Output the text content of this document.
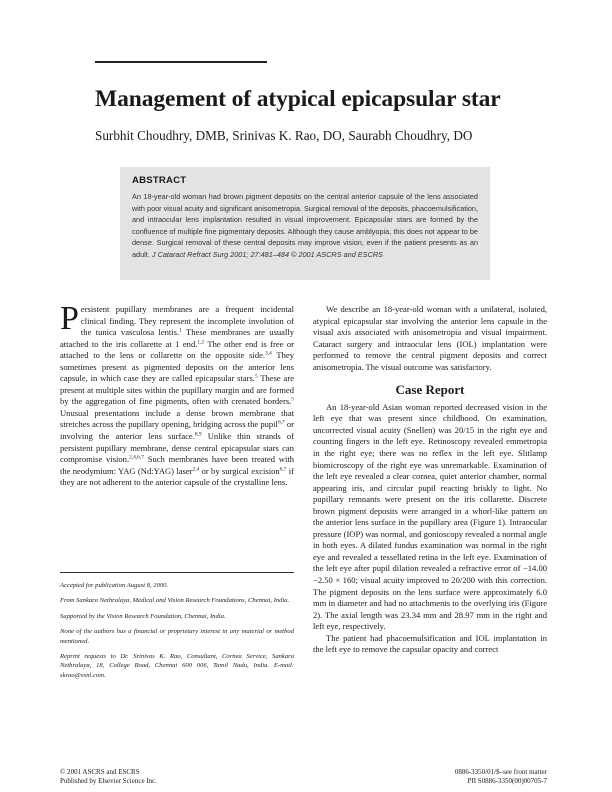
Management of atypical epicapsular star
Surbhit Choudhry, DMB, Srinivas K. Rao, DO, Saurabh Choudhry, DO
ABSTRACT
An 18-year-old woman had brown pigment deposits on the central anterior capsule of the lens associated with poor visual acuity and significant anisometropia. Surgical removal of the deposits, phacoemulsification, and intraocular lens implantation resulted in visual improvement. Epicapsular stars are formed by the confluence of multiple fine pigmentary deposits. Although they cause amblyopia, this does not appear to be dense. Surgical removal of these central deposits may improve vision, even if the patient presents as an adult. J Cataract Refract Surg 2001; 27:481–484 © 2001 ASCRS and ESCRS

Persistent pupillary membranes are a frequent incidental clinical finding. They represent the incomplete involution of the tunica vasculosa lentis.$^1$ These membranes are usually attached to the iris collarette at 1 end.$^{1,2}$ The other end is free or attached to the lens or collarette on the opposite side.$^{3,4}$ They sometimes present as pigmented deposits on the anterior lens capsule, in which case they are called epicapsular stars.$^5$ These are present at multiple sites within the pupillary margin and are formed by the aggregation of fine pigments, often with crenated borders.$^5$ Unusual presentations include a dense brown membrane that stretches across the pupillary opening, bridging across the pupil$^{6,7}$ or involving the anterior lens surface.$^{8,9}$ Unlike thin strands of persistent pupillary membrane, dense central epicapsular stars can compromise vision.$^{2,4,6,7}$ Such membranes have been treated with the neodymium: YAG (Nd:YAG) laser$^{2,4}$ or by surgical excision$^{6,7}$ if they are not adherent to the anterior capsule of the crystalline lens.

Accepted for publication August 8, 2000.

From Sankara Nethralaya, Medical and Vision Research Foundations, Chennai, India.

Supported by the Vision Research Foundation, Chennai, India.

None of the authors has a financial or proprietary interest in any material or method mentioned.

Reprint requests to Dr. Srinivas K. Rao, Consultant, Cornea Service, Sankara Nethralaya, 18, College Road, Chennai 600 006, Tamil Nadu, India. E-mail: skrao@vsnl.com.

We describe an 18-year-old woman with a unilateral, isolated, atypical epicapsular star involving the anterior lens capsule in the visual axis associated with anisometropia and visual impairment. Cataract surgery and intraocular lens (IOL) implantation were performed to remove the central pigment deposits and correct anisometropia. The visual outcome was satisfactory.

Case Report

An 18-year-old Asian woman reported decreased vision in the left eye that was present since childhood. On examination, uncorrected visual acuity (Snellen) was 20/15 in the right eye and counting fingers in the left eye. Retinoscopy revealed emmetropia in the right eye; there was no reflex in the left eye. Slitlamp biomicroscopy of the right eye was unremarkable. Examination of the left eye revealed a clear cornea, quiet anterior chamber, normal appearing iris, and circular pupil reacting briskly to light. No pupillary remnants were present on the iris collarette. Discrete brown pigment deposits were arranged in a whorl-like pattern on the anterior lens surface in the pupillary area (Figure 1). Intraocular pressure (IOP) was normal, and gonioscopy revealed a normal angle in both eyes. A dilated fundus examination was normal in the right eye and revealed a tessellated retina in the left eye. Examination of the left eye after pupil dilation revealed a refractive error of −14.00 −2.50 × 160; visual acuity improved to 20/200 with this correction. The pigment deposits on the lens surface were approximately 6.0 mm in diameter and had no attachments to the overlying iris (Figure 2). The axial length was 23.34 mm and 28.97 mm in the right and left eye, respectively.

The patient had phacoemulsification and IOL implantation in the left eye to remove the capsular opacity and correct

© 2001 ASCRS and ESCRS
Published by Elsevier Science Inc.
0886-3350/01/$–see front matter
PII S0886-3350(00)00705-7
